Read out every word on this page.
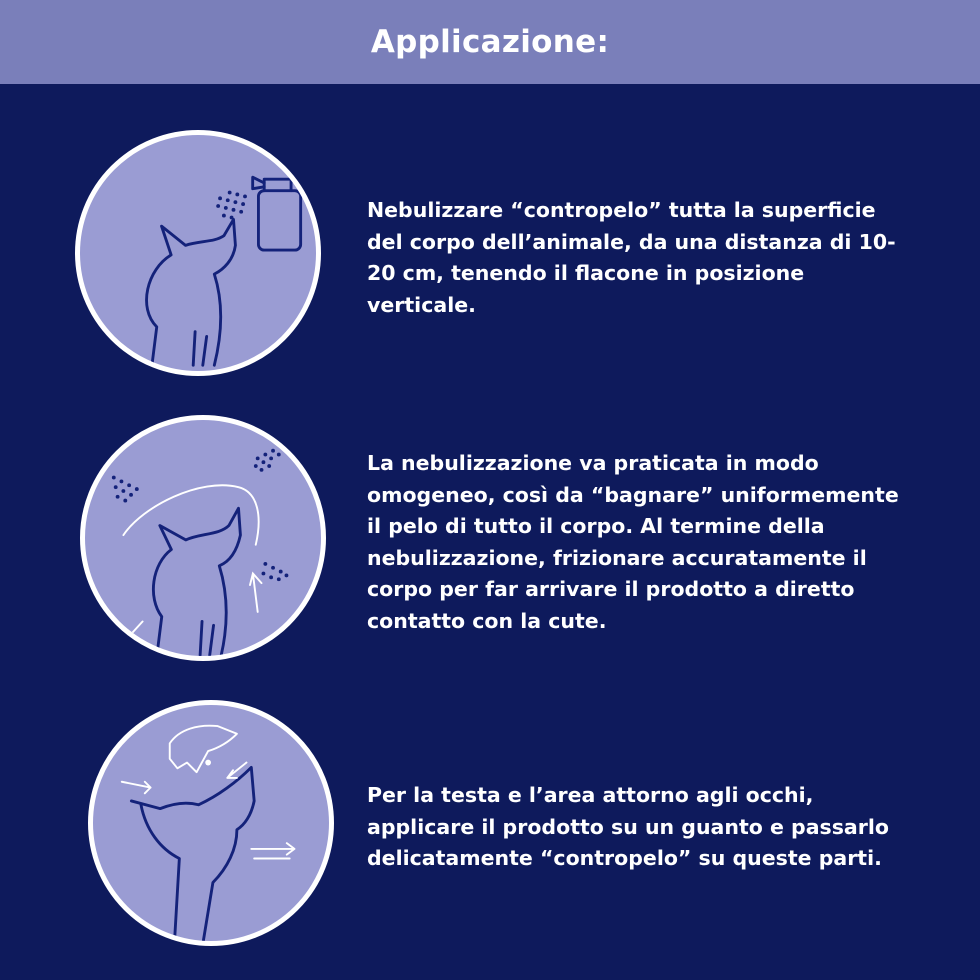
Applicazione:

Nebulizzare “contropelo” tutta la superficie del corpo dell’animale, da una distanza di 10-20 cm, tenendo il flacone in posizione verticale.

La nebulizzazione va praticata in modo omogeneo, così da “bagnare” uniformemente il pelo di tutto il corpo. Al termine della nebulizzazione, frizionare accuratamente il corpo per far arrivare il prodotto a diretto contatto con la cute.

Per la testa e l’area attorno agli occhi, applicare il prodotto su un guanto e passarlo delicatamente “contropelo” su queste parti.
